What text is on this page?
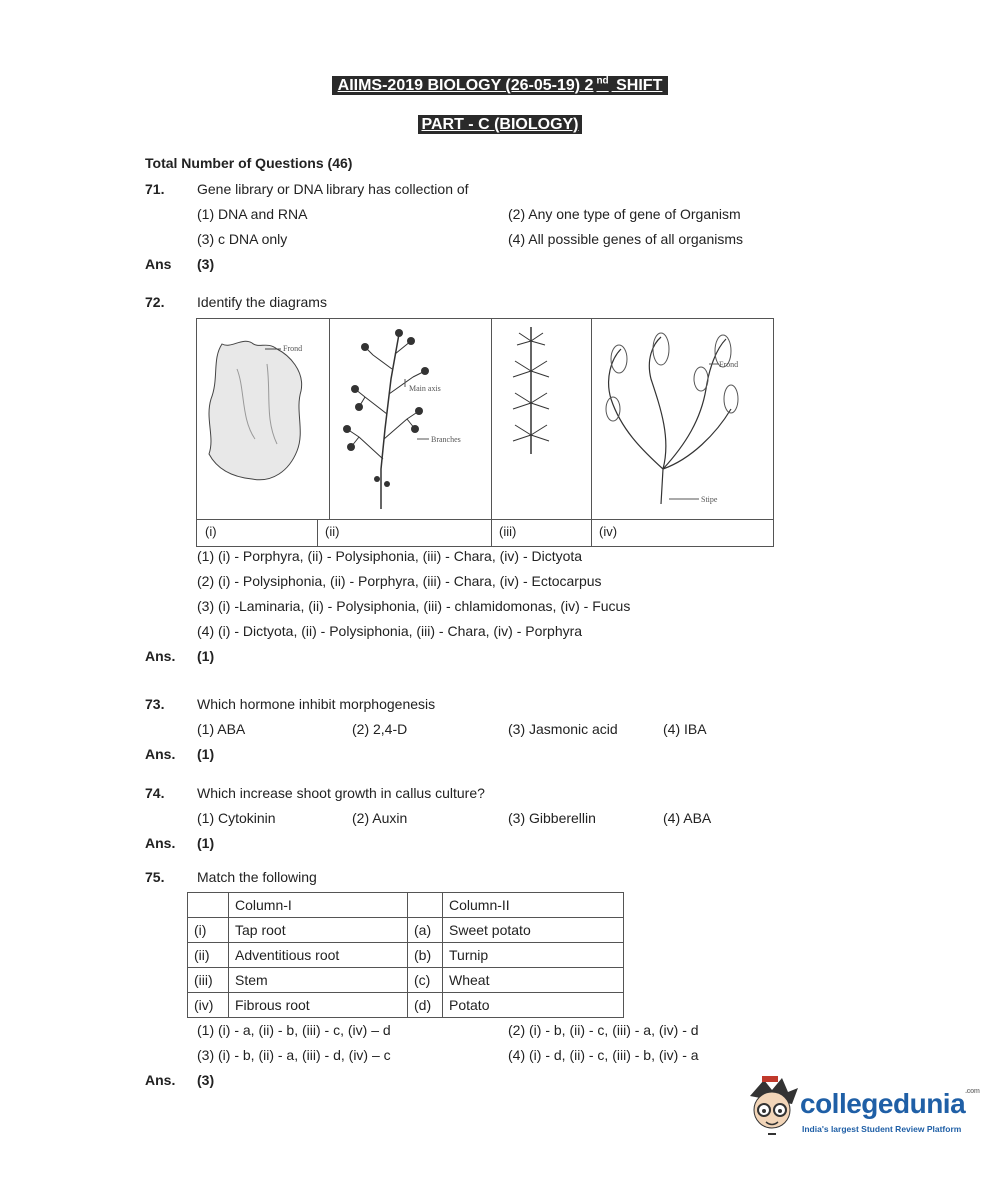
AIIMS-2019 BIOLOGY (26-05-19) 2 $^{nd}$ SHIFT
PART - C (BIOLOGY)
Total Number of Questions (46)
71. Gene library or DNA library has collection of
(1) DNA and RNA	(2) Any one type of gene of Organism
(3) c DNA only	(4) All possible genes of all organisms
Ans (3)
72. Identify the diagrams
Frond
Main axis
Branches
Frond
Stipe
(i)	(ii)	(iii)	(iv)
(1) (i) - Porphyra, (ii) - Polysiphonia, (iii) - Chara, (iv) - Dictyota
(2) (i) - Polysiphonia, (ii) - Porphyra, (iii) - Chara, (iv) - Ectocarpus
(3) (i) -Laminaria, (ii) - Polysiphonia, (iii) - chlamidomonas, (iv) - Fucus
(4) (i) - Dictyota, (ii) - Polysiphonia, (iii) - Chara, (iv) - Porphyra
Ans. (1)
73. Which hormone inhibit morphogenesis
(1) ABA	(2) 2,4-D	(3) Jasmonic acid	(4) IBA
Ans. (1)
74. Which increase shoot growth in callus culture?
(1) Cytokinin	(2) Auxin	(3) Gibberellin	(4) ABA
Ans. (1)
75. Match the following
	Column-I		Column-II
(i)	Tap root	(a)	Sweet potato
(ii)	Adventitious root	(b)	Turnip
(iii)	Stem	(c)	Wheat
(iv)	Fibrous root	(d)	Potato
(1) (i) - a, (ii) - b, (iii) - c, (iv) – d	(2) (i) - b, (ii) - c, (iii) - a, (iv) - d
(3) (i) - b, (ii) - a, (iii) - d, (iv) – c	(4) (i) - d, (ii) - c, (iii) - b, (iv) - a
Ans. (3)
collegedunia$^{.com}$
India's largest Student Review Platform
